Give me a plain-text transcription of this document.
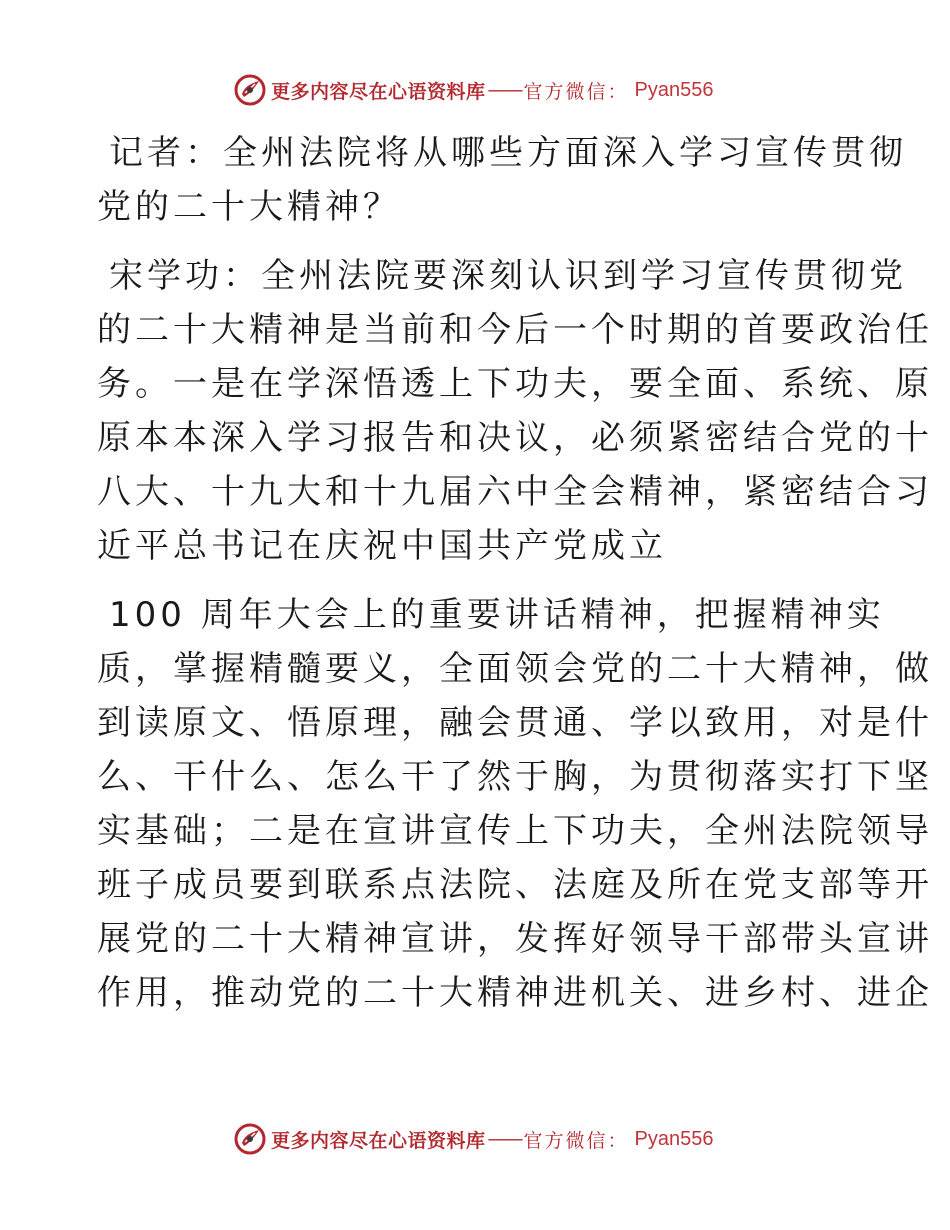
更多内容尽在心语资料库 —— 官方微信： Pyan556
记者：全州法院将从哪些方面深入学习宣传贯彻
党的二十大精神？
宋学功：全州法院要深刻认识到学习宣传贯彻党
的二十大精神是当前和今后一个时期的首要政治任
务。一是在学深悟透上下功夫，要全面、系统、原
原本本深入学习报告和决议，必须紧密结合党的十
八大、十九大和十九届六中全会精神，紧密结合习
近平总书记在庆祝中国共产党成立
100 周年大会上的重要讲话精神，把握精神实
质，掌握精髓要义，全面领会党的二十大精神，做
到读原文、悟原理，融会贯通、学以致用，对是什
么、干什么、怎么干了然于胸，为贯彻落实打下坚
实基础；二是在宣讲宣传上下功夫，全州法院领导
班子成员要到联系点法院、法庭及所在党支部等开
展党的二十大精神宣讲，发挥好领导干部带头宣讲
作用，推动党的二十大精神进机关、进乡村、进企
更多内容尽在心语资料库 —— 官方微信： Pyan556
